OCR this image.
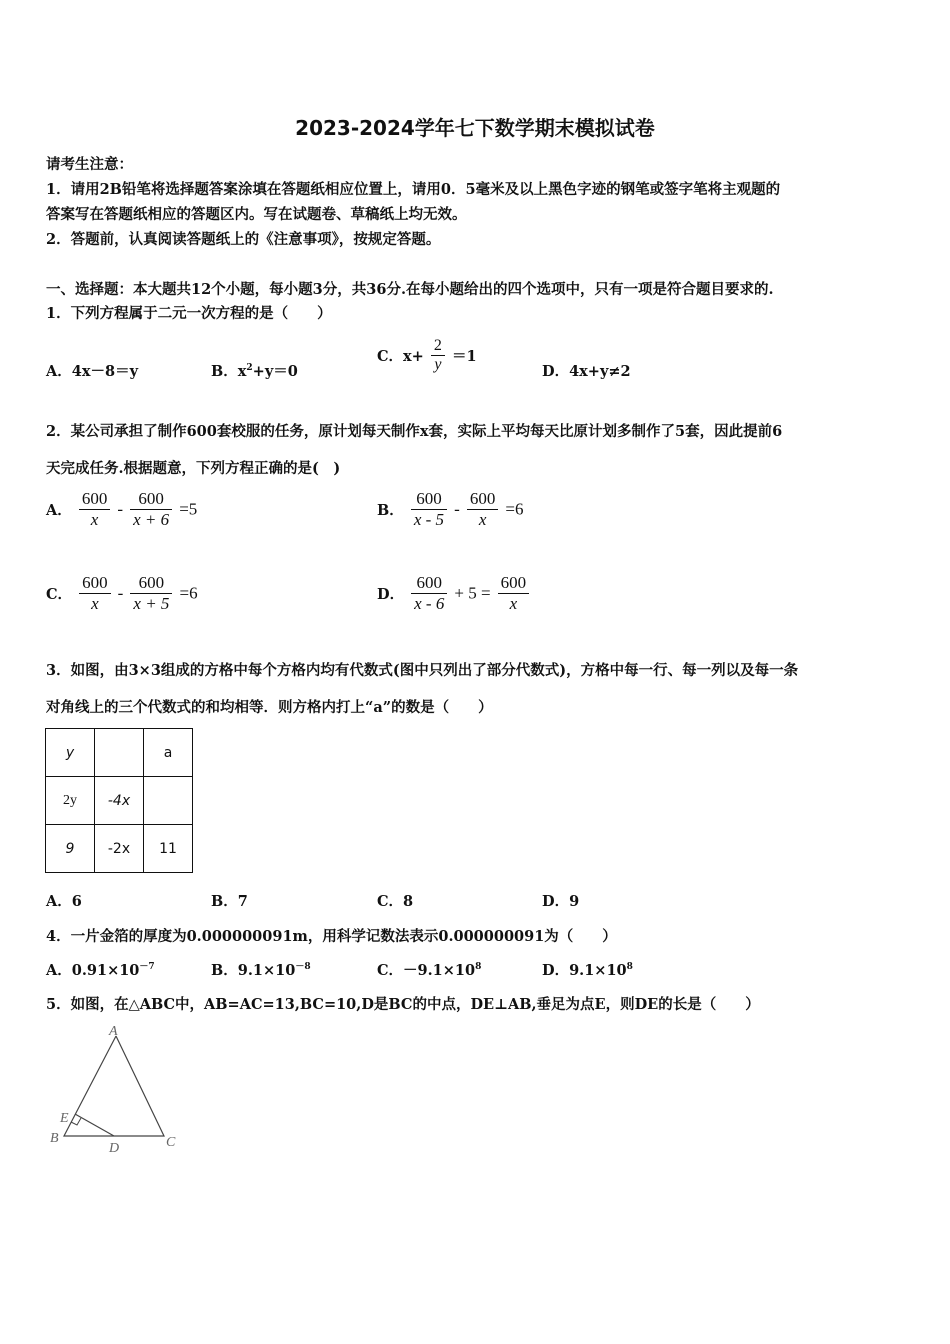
2023-2024学年七下数学期末模拟试卷
请考生注意：
1．请用2B铅笔将选择题答案涂填在答题纸相应位置上，请用0．5毫米及以上黑色字迹的钢笔或签字笔将主观题的
答案写在答题纸相应的答题区内。写在试题卷、草稿纸上均无效。
2．答题前，认真阅读答题纸上的《注意事项》，按规定答题。
一、选择题：本大题共12个小题，每小题3分，共36分.在每小题给出的四个选项中，只有一项是符合题目要求的.
1．下列方程属于二元一次方程的是（　　）
A．4x－8＝y	B．$x^2+y=0$
C．$x+ \frac{2}{y} =1$
D．4x+y≠2
2．某公司承担了制作600套校服的任务，原计划每天制作x套，实际上平均每天比原计划多制作了5套，因此提前6
天完成任务.根据题意，下列方程正确的是(　)
A． $\frac{600}{x} - \frac{600}{x + 6} =5$	B． $\frac{600}{x - 5} - \frac{600}{x} =6$
C． $\frac{600}{x} - \frac{600}{x + 5} =6$	D． $\frac{600}{x - 6} + 5 = \frac{600}{x}$
3．如图，由3×3组成的方格中每个方格内均有代数式(图中只列出了部分代数式)，方格中每一行、每一列以及每一条
对角线上的三个代数式的和均相等．则方格内打上“a”的数是（　　）
y		a
2y	-4x	
9	-2x	11
A．6	B．7	C．8	D．9
4．一片金箔的厚度为0.000000091m，用科学记数法表示0.000000091为（　　）
A．$0.91\times 10^{-7}$	B．$9.1\times 10^{-8}$	C．$-9.1\times 10^8$	D．$9.1\times 10^8$
5．如图，在△ABC中，AB=AC=13,BC=10,D是BC的中点，DE⊥AB,垂足为点E，则DE的长是（　　）
A
B	C
D
E
